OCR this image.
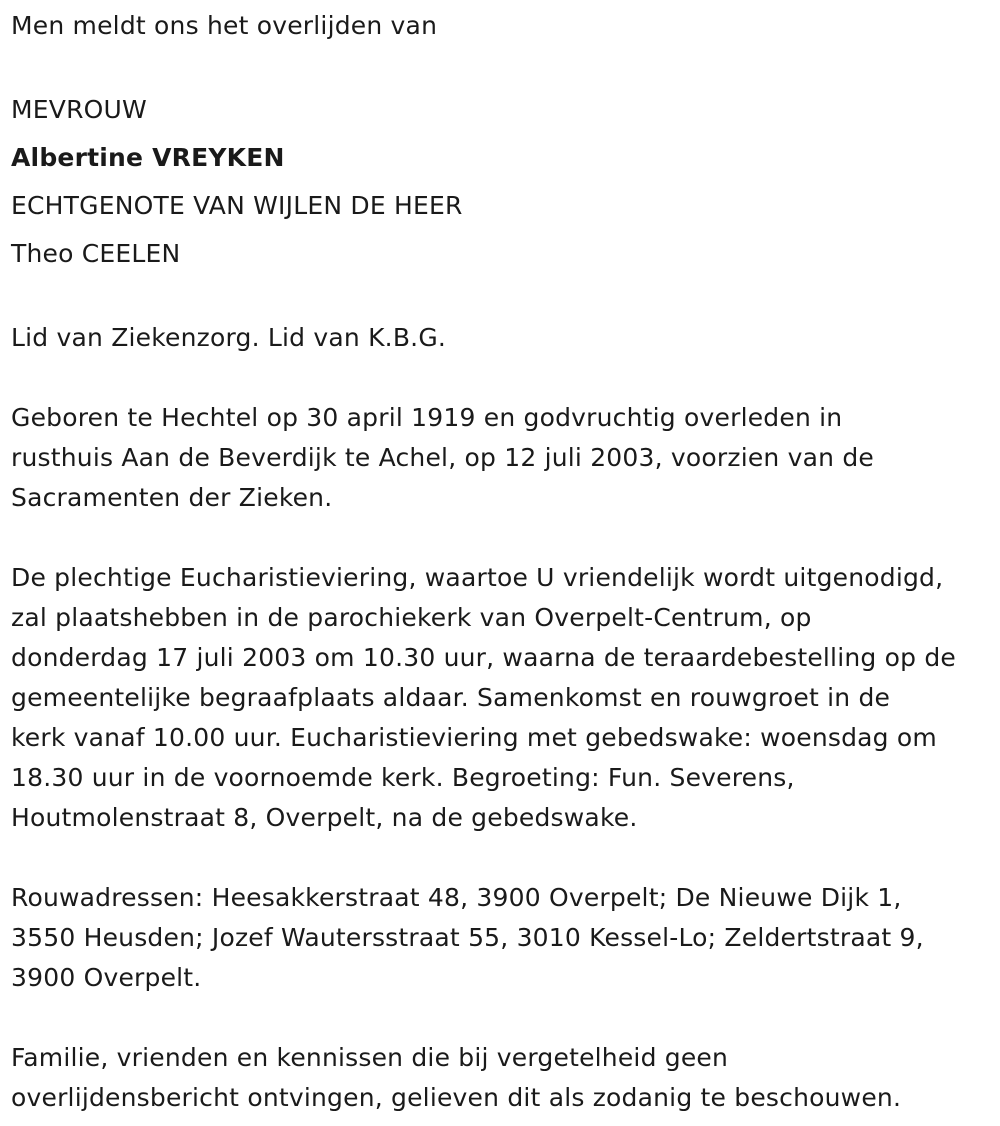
Men meldt ons het overlijden van

MEVROUW
Albertine VREYKEN
ECHTGENOTE VAN WIJLEN DE HEER
Theo CEELEN

Lid van Ziekenzorg. Lid van K.B.G.

Geboren te Hechtel op 30 april 1919 en godvruchtig overleden in
rusthuis Aan de Beverdijk te Achel, op 12 juli 2003, voorzien van de
Sacramenten der Zieken.

De plechtige Eucharistieviering, waartoe U vriendelijk wordt uitgenodigd,
zal plaatshebben in de parochiekerk van Overpelt-Centrum, op
donderdag 17 juli 2003 om 10.30 uur, waarna de teraardebestelling op de
gemeentelijke begraafplaats aldaar. Samenkomst en rouwgroet in de
kerk vanaf 10.00 uur. Eucharistieviering met gebedswake: woensdag om
18.30 uur in de voornoemde kerk. Begroeting: Fun. Severens,
Houtmolenstraat 8, Overpelt, na de gebedswake.

Rouwadressen: Heesakkerstraat 48, 3900 Overpelt; De Nieuwe Dijk 1,
3550 Heusden; Jozef Wautersstraat 55, 3010 Kessel-Lo; Zeldertstraat 9,
3900 Overpelt.

Familie, vrienden en kennissen die bij vergetelheid geen
overlijdensbericht ontvingen, gelieven dit als zodanig te beschouwen.
